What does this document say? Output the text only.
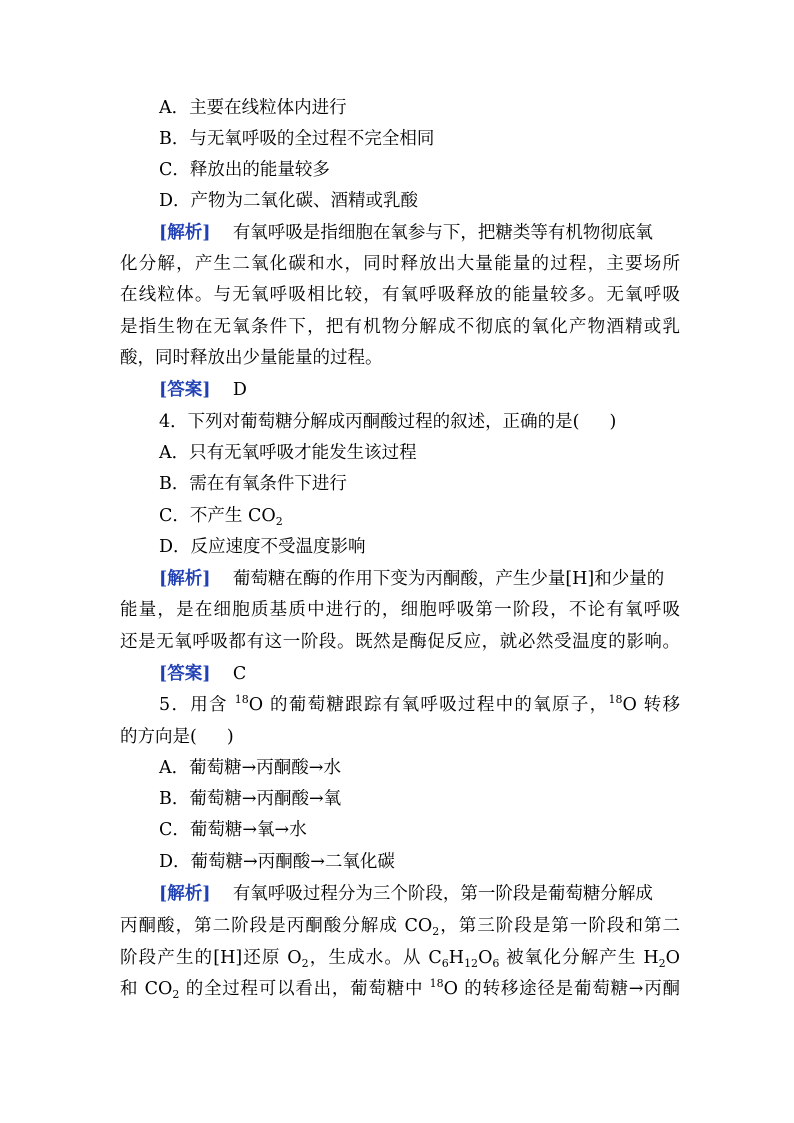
A．主要在线粒体内进行
B．与无氧呼吸的全过程不完全相同
C．释放出的能量较多
D．产物为二氧化碳、酒精或乳酸
[解析] 有氧呼吸是指细胞在氧参与下，把糖类等有机物彻底氧
化分解，产生二氧化碳和水，同时释放出大量能量的过程，主要场所
在线粒体。与无氧呼吸相比较，有氧呼吸释放的能量较多。无氧呼吸
是指生物在无氧条件下，把有机物分解成不彻底的氧化产物酒精或乳
酸，同时释放出少量能量的过程。
[答案] D
4．下列对葡萄糖分解成丙酮酸过程的叙述，正确的是( )
A．只有无氧呼吸才能发生该过程
B．需在有氧条件下进行
C．不产生 $CO_2$
D．反应速度不受温度影响
[解析] 葡萄糖在酶的作用下变为丙酮酸，产生少量[H]和少量的
能量，是在细胞质基质中进行的，细胞呼吸第一阶段，不论有氧呼吸
还是无氧呼吸都有这一阶段。既然是酶促反应，就必然受温度的影响。
[答案] C
5．用含 $^{18}$O 的葡萄糖跟踪有氧呼吸过程中的氧原子，$^{18}$O 转移
的方向是( )
A．葡萄糖→丙酮酸→水
B．葡萄糖→丙酮酸→氧
C．葡萄糖→氧→水
D．葡萄糖→丙酮酸→二氧化碳
[解析] 有氧呼吸过程分为三个阶段，第一阶段是葡萄糖分解成
丙酮酸，第二阶段是丙酮酸分解成 $CO_2$，第三阶段是第一阶段和第二
阶段产生的[H]还原 $O_2$，生成水。从 $C_6H_{12}O_6$ 被氧化分解产生 $H_2O$
和 $CO_2$ 的全过程可以看出，葡萄糖中 $^{18}$O 的转移途径是葡萄糖→丙酮
